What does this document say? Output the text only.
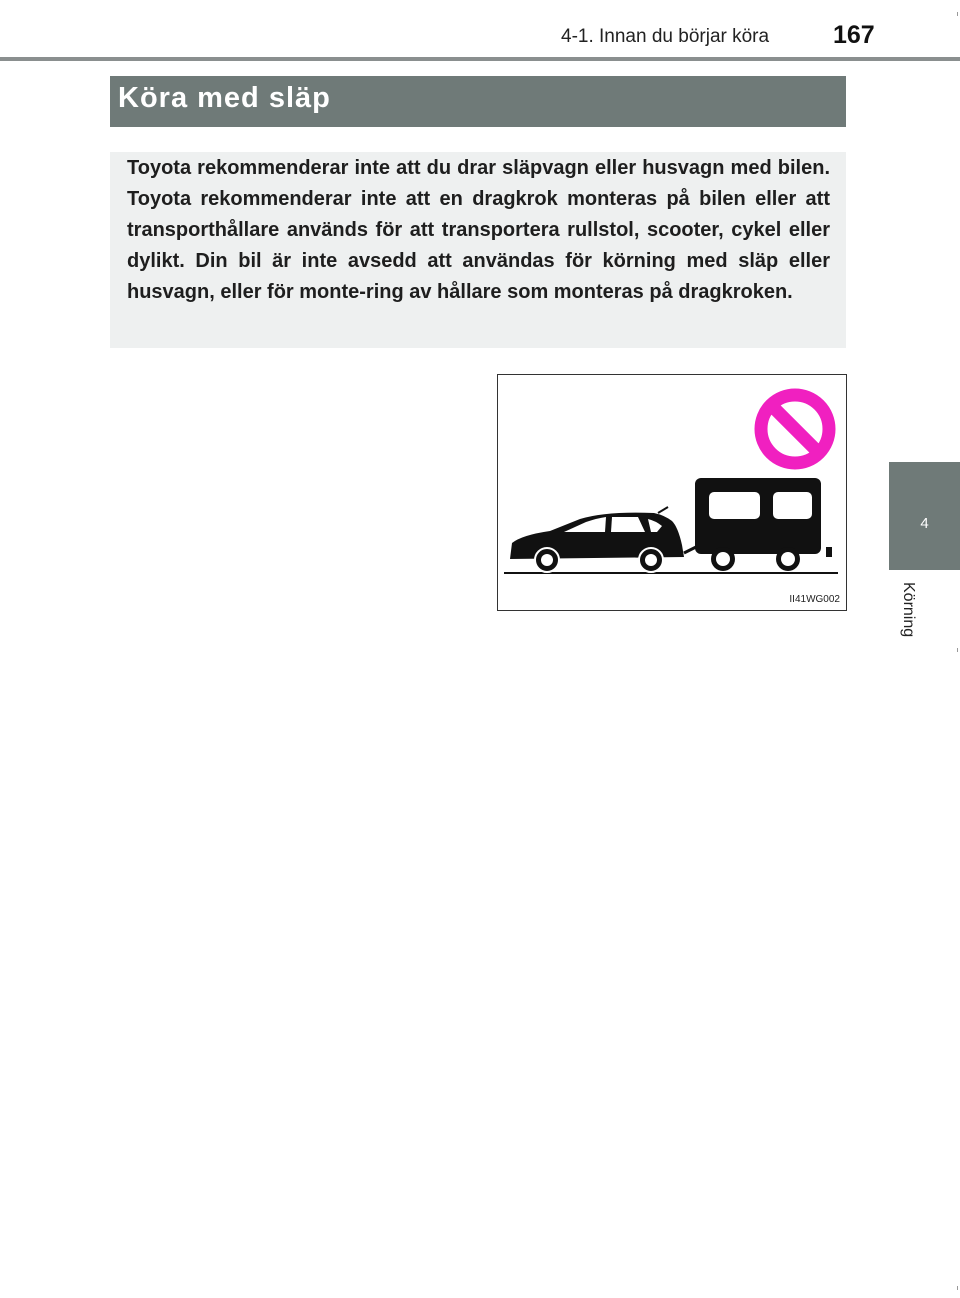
4-1. Innan du börjar köra	167
4
Körning
Köra med släp
Toyota rekommenderar inte att du drar släpvagn eller husvagn med bilen. Toyota rekommenderar inte att en dragkrok monteras på bilen eller att transporthållare används för att transportera rullstol, scooter, cykel eller dylikt. Din bil är inte avsedd att användas för körning med släp eller husvagn, eller för monte-ring av hållare som monteras på dragkroken.
II41WG002
